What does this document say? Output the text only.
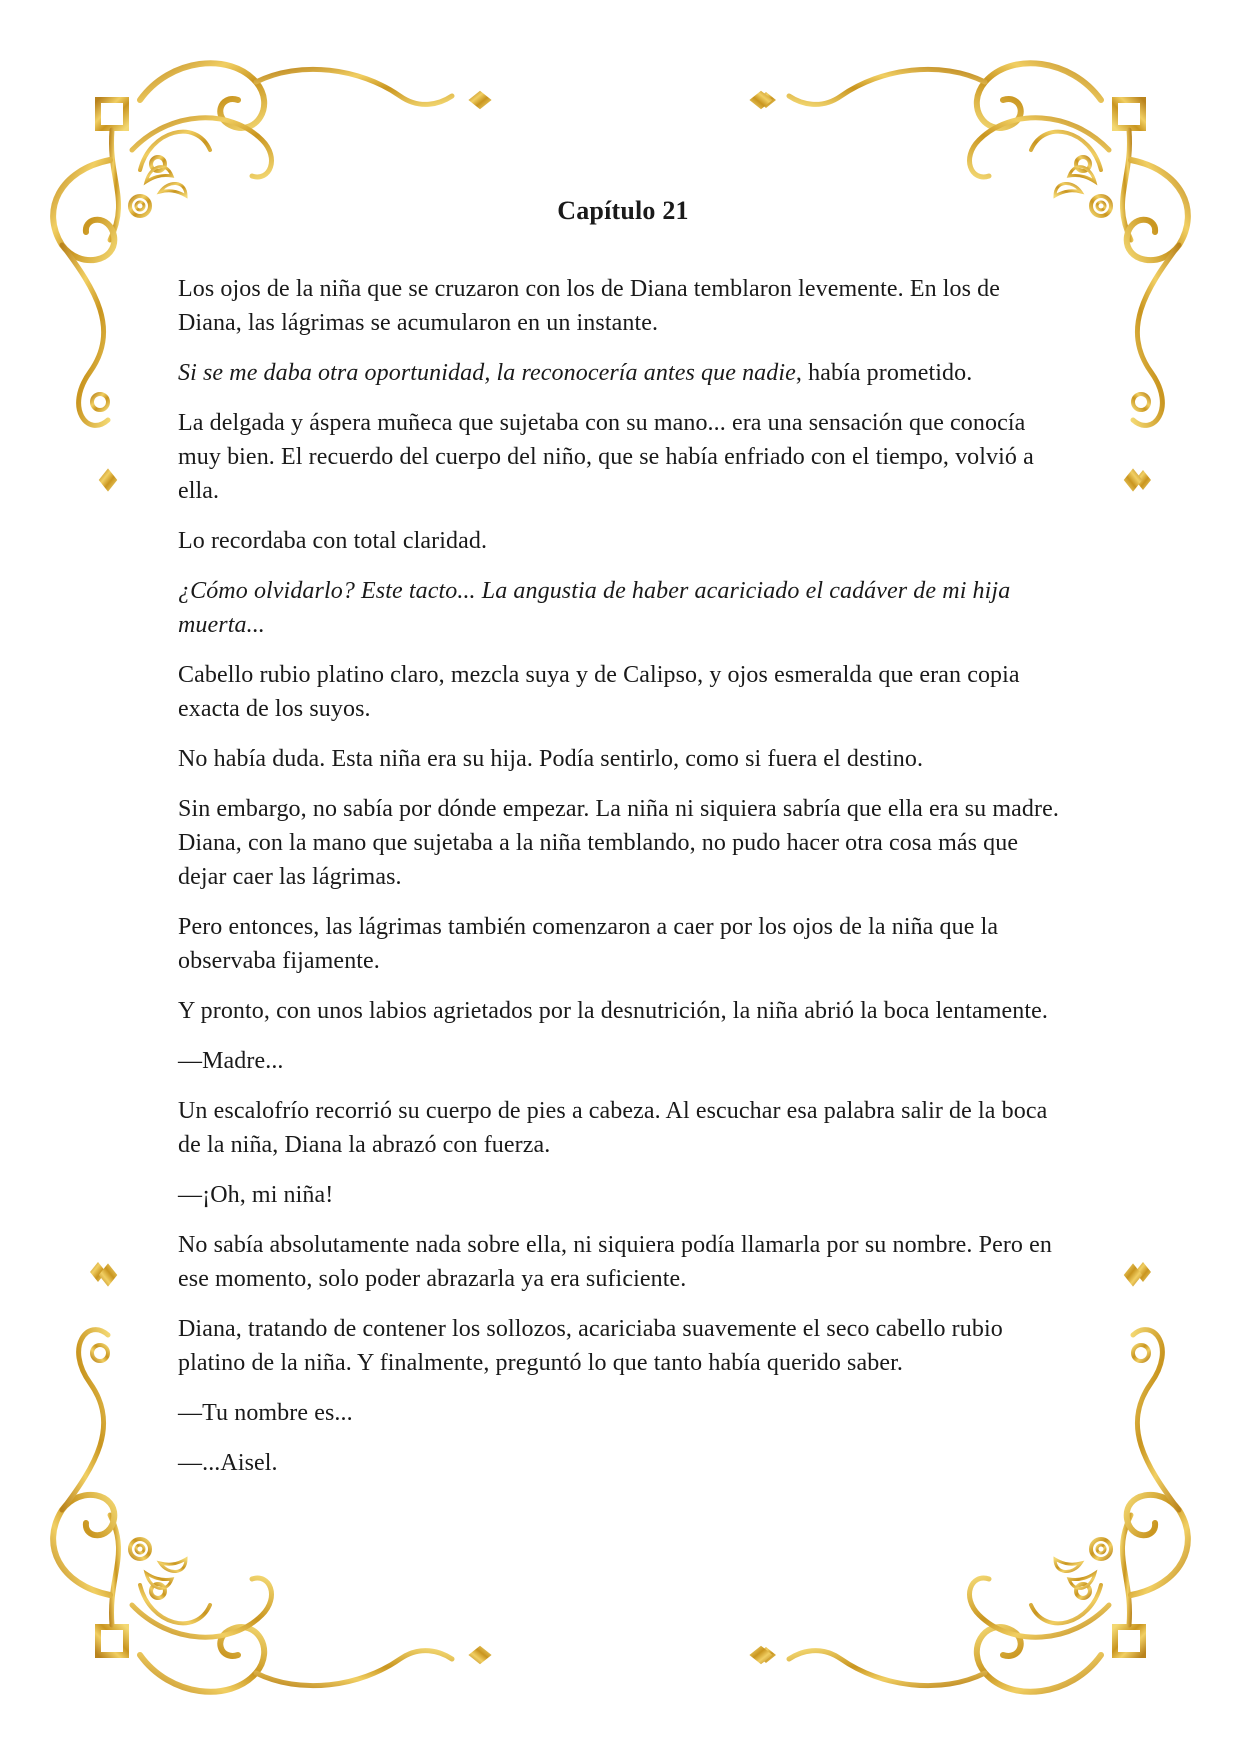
Capítulo 21

Los ojos de la niña que se cruzaron con los de Diana temblaron levemente. En los de Diana, las lágrimas se acumularon en un instante.

Si se me daba otra oportunidad, la reconocería antes que nadie, había prometido.

La delgada y áspera muñeca que sujetaba con su mano... era una sensación que conocía muy bien. El recuerdo del cuerpo del niño, que se había enfriado con el tiempo, volvió a ella.

Lo recordaba con total claridad.

¿Cómo olvidarlo? Este tacto... La angustia de haber acariciado el cadáver de mi hija muerta...

Cabello rubio platino claro, mezcla suya y de Calipso, y ojos esmeralda que eran copia exacta de los suyos.

No había duda. Esta niña era su hija. Podía sentirlo, como si fuera el destino.

Sin embargo, no sabía por dónde empezar. La niña ni siquiera sabría que ella era su madre. Diana, con la mano que sujetaba a la niña temblando, no pudo hacer otra cosa más que dejar caer las lágrimas.

Pero entonces, las lágrimas también comenzaron a caer por los ojos de la niña que la observaba fijamente.

Y pronto, con unos labios agrietados por la desnutrición, la niña abrió la boca lentamente.

—Madre...

Un escalofrío recorrió su cuerpo de pies a cabeza. Al escuchar esa palabra salir de la boca de la niña, Diana la abrazó con fuerza.

—¡Oh, mi niña!

No sabía absolutamente nada sobre ella, ni siquiera podía llamarla por su nombre. Pero en ese momento, solo poder abrazarla ya era suficiente.

Diana, tratando de contener los sollozos, acariciaba suavemente el seco cabello rubio platino de la niña. Y finalmente, preguntó lo que tanto había querido saber.

—Tu nombre es...

—...Aisel.
